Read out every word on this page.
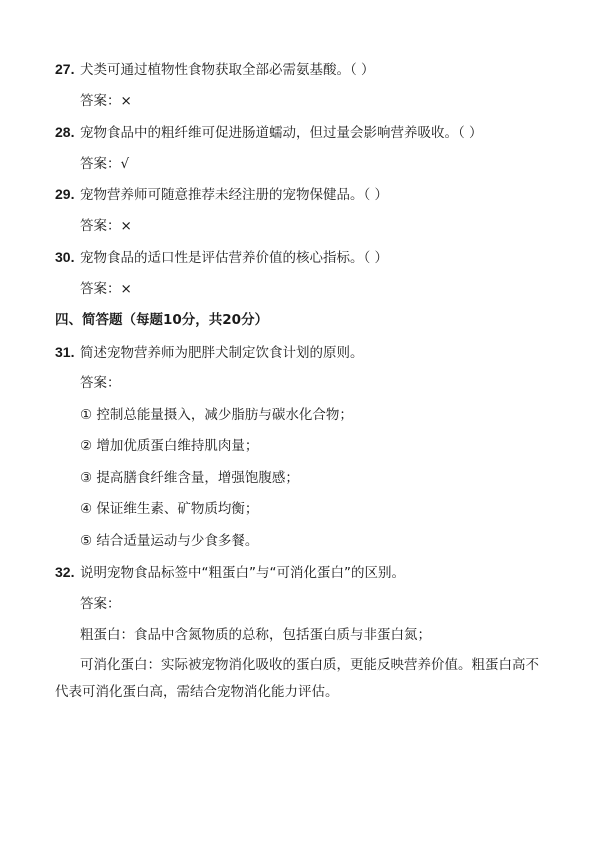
27. 犬类可通过植物性食物获取全部必需氨基酸。（ ）
答案：×
28. 宠物食品中的粗纤维可促进肠道蠕动，但过量会影响营养吸收。（ ）
答案：√
29. 宠物营养师可随意推荐未经注册的宠物保健品。（ ）
答案：×
30. 宠物食品的适口性是评估营养价值的核心指标。（ ）
答案：×
四、简答题（每题10分，共20分）
31. 简述宠物营养师为肥胖犬制定饮食计划的原则。
答案：
① 控制总能量摄入，减少脂肪与碳水化合物；
② 增加优质蛋白维持肌肉量；
③ 提高膳食纤维含量，增强饱腹感；
④ 保证维生素、矿物质均衡；
⑤ 结合适量运动与少食多餐。
32. 说明宠物食品标签中“粗蛋白”与“可消化蛋白”的区别。
答案：
粗蛋白：食品中含氮物质的总称，包括蛋白质与非蛋白氮；
可消化蛋白：实际被宠物消化吸收的蛋白质，更能反映营养价值。粗蛋白高不代表可消化蛋白高，需结合宠物消化能力评估。
